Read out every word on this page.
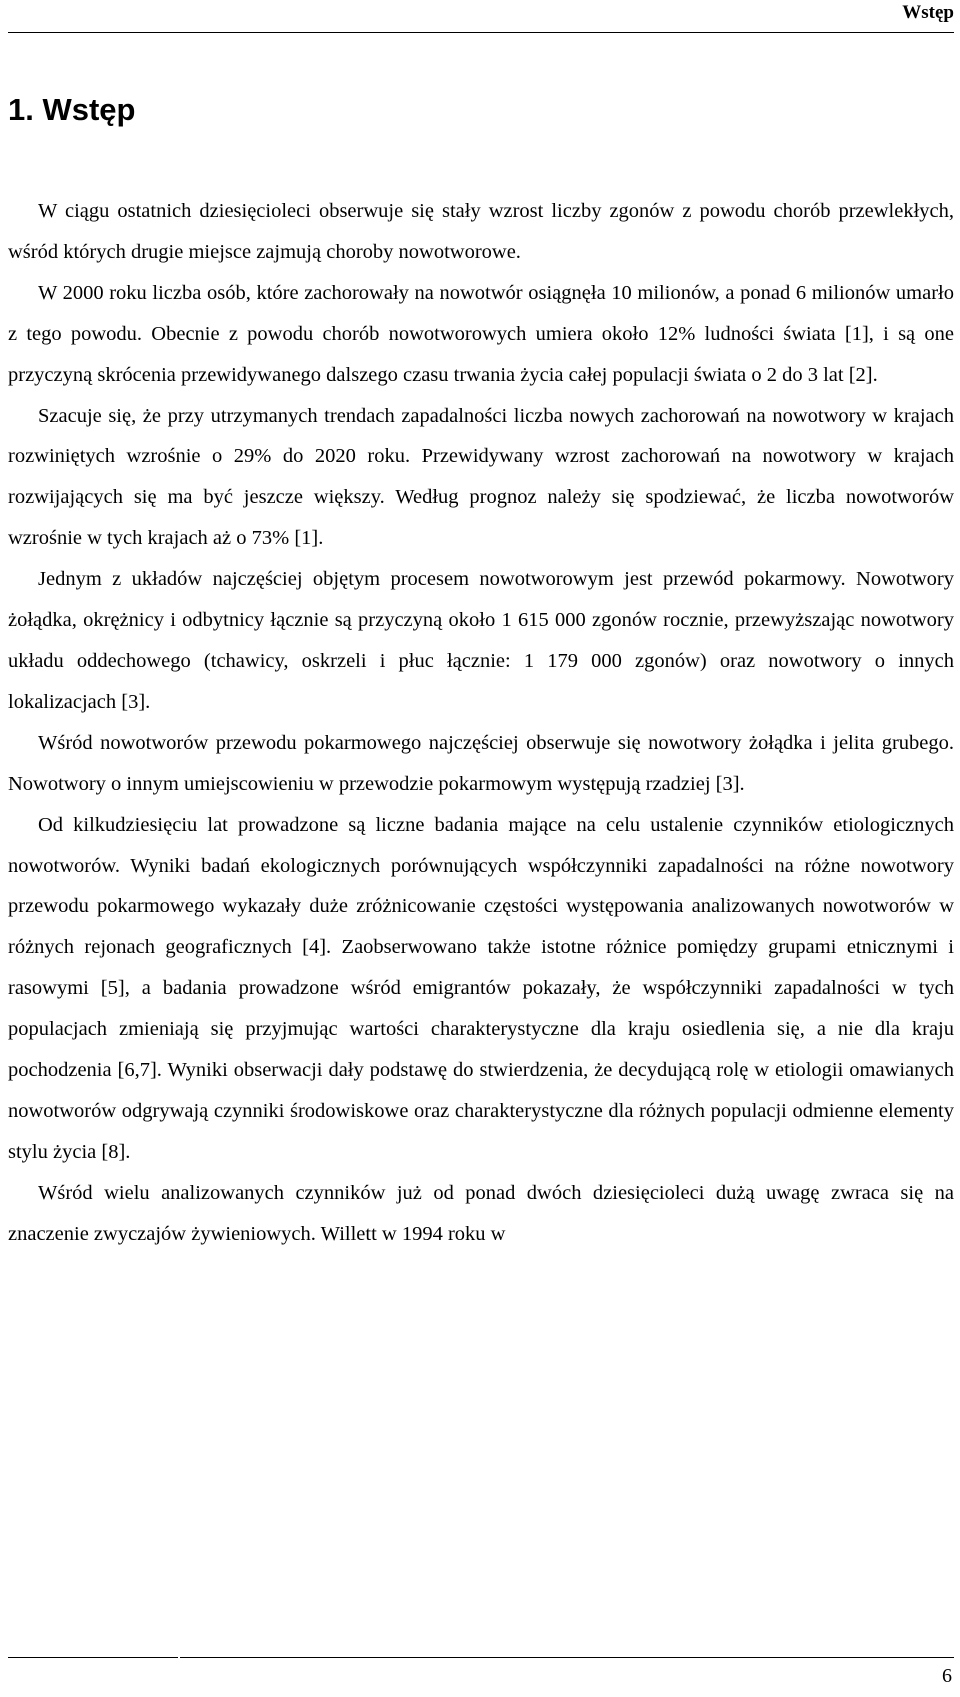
Wstęp
1. Wstęp

W ciągu ostatnich dziesięcioleci obserwuje się stały wzrost liczby zgonów z powodu chorób przewlekłych, wśród których drugie miejsce zajmują choroby nowotworowe.

W 2000 roku liczba osób, które zachorowały na nowotwór osiągnęła 10 milionów, a ponad 6 milionów umarło z tego powodu. Obecnie z powodu chorób nowotworowych umiera około 12% ludności świata [1], i są one przyczyną skrócenia przewidywanego dalszego czasu trwania życia całej populacji świata o 2 do 3 lat [2].

Szacuje się, że przy utrzymanych trendach zapadalności liczba nowych zachorowań na nowotwory w krajach rozwiniętych wzrośnie o 29% do 2020 roku. Przewidywany wzrost zachorowań na nowotwory w krajach rozwijających się ma być jeszcze większy. Według prognoz należy się spodziewać, że liczba nowotworów wzrośnie w tych krajach aż o 73% [1].

Jednym z układów najczęściej objętym procesem nowotworowym jest przewód pokarmowy. Nowotwory żołądka, okrężnicy i odbytnicy łącznie są przyczyną około 1 615 000 zgonów rocznie, przewyższając nowotwory układu oddechowego (tchawicy, oskrzeli i płuc łącznie: 1 179 000 zgonów) oraz nowotwory o innych lokalizacjach [3].

Wśród nowotworów przewodu pokarmowego najczęściej obserwuje się nowotwory żołądka i jelita grubego. Nowotwory o innym umiejscowieniu w przewodzie pokarmowym występują rzadziej [3].

Od kilkudziesięciu lat prowadzone są liczne badania mające na celu ustalenie czynników etiologicznych nowotworów. Wyniki badań ekologicznych porównujących współczynniki zapadalności na różne nowotwory przewodu pokarmowego wykazały duże zróżnicowanie częstości występowania analizowanych nowotworów w różnych rejonach geograficznych [4]. Zaobserwowano także istotne różnice pomiędzy grupami etnicznymi i rasowymi [5], a badania prowadzone wśród emigrantów pokazały, że współczynniki zapadalności w tych populacjach zmieniają się przyjmując wartości charakterystyczne dla kraju osiedlenia się, a nie dla kraju pochodzenia [6,7]. Wyniki obserwacji dały podstawę do stwierdzenia, że decydującą rolę w etiologii omawianych nowotworów odgrywają czynniki środowiskowe oraz charakterystyczne dla różnych populacji odmienne elementy stylu życia [8].

Wśród wielu analizowanych czynników już od ponad dwóch dziesięcioleci dużą uwagę zwraca się na znaczenie zwyczajów żywieniowych. Willett w 1994 roku w

6
